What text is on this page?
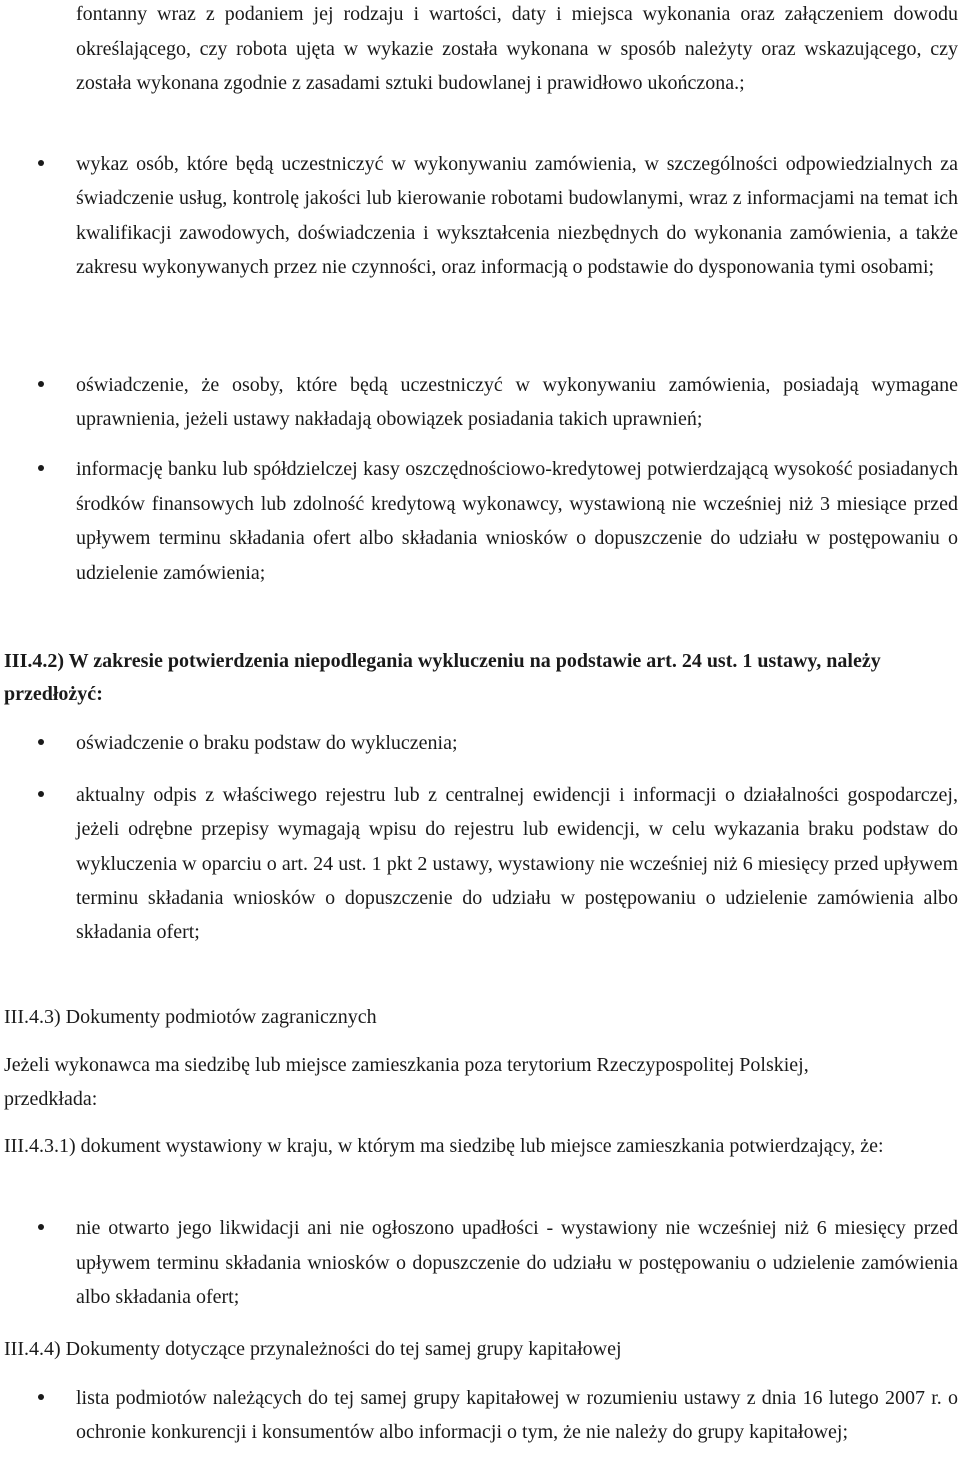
fontanny wraz z podaniem jej rodzaju i wartości, daty i miejsca wykonania oraz załączeniem dowodu określającego, czy robota ujęta w wykazie została wykonana w sposób należyty oraz wskazującego, czy została wykonana zgodnie z zasadami sztuki budowlanej i prawidłowo ukończona.;

wykaz osób, które będą uczestniczyć w wykonywaniu zamówienia, w szczególności odpowiedzialnych za świadczenie usług, kontrolę jakości lub kierowanie robotami budowlanymi, wraz z informacjami na temat ich kwalifikacji zawodowych, doświadczenia i wykształcenia niezbędnych do wykonania zamówienia, a także zakresu wykonywanych przez nie czynności, oraz informacją o podstawie do dysponowania tymi osobami;

oświadczenie, że osoby, które będą uczestniczyć w wykonywaniu zamówienia, posiadają wymagane uprawnienia, jeżeli ustawy nakładają obowiązek posiadania takich uprawnień;

informację banku lub spółdzielczej kasy oszczędnościowo-kredytowej potwierdzającą wysokość posiadanych środków finansowych lub zdolność kredytową wykonawcy, wystawioną nie wcześniej niż 3 miesiące przed upływem terminu składania ofert albo składania wniosków o dopuszczenie do udziału w postępowaniu o udzielenie zamówienia;

III.4.2) W zakresie potwierdzenia niepodlegania wykluczeniu na podstawie art. 24 ust. 1 ustawy, należy przedłożyć:

oświadczenie o braku podstaw do wykluczenia;

aktualny odpis z właściwego rejestru lub z centralnej ewidencji i informacji o działalności gospodarczej, jeżeli odrębne przepisy wymagają wpisu do rejestru lub ewidencji, w celu wykazania braku podstaw do wykluczenia w oparciu o art. 24 ust. 1 pkt 2 ustawy, wystawiony nie wcześniej niż 6 miesięcy przed upływem terminu składania wniosków o dopuszczenie do udziału w postępowaniu o udzielenie zamówienia albo składania ofert;

III.4.3) Dokumenty podmiotów zagranicznych

Jeżeli wykonawca ma siedzibę lub miejsce zamieszkania poza terytorium Rzeczypospolitej Polskiej, przedkłada:

III.4.3.1) dokument wystawiony w kraju, w którym ma siedzibę lub miejsce zamieszkania potwierdzający, że:

nie otwarto jego likwidacji ani nie ogłoszono upadłości - wystawiony nie wcześniej niż 6 miesięcy przed upływem terminu składania wniosków o dopuszczenie do udziału w postępowaniu o udzielenie zamówienia albo składania ofert;

III.4.4) Dokumenty dotyczące przynależności do tej samej grupy kapitałowej

lista podmiotów należących do tej samej grupy kapitałowej w rozumieniu ustawy z dnia 16 lutego 2007 r. o ochronie konkurencji i konsumentów albo informacji o tym, że nie należy do grupy kapitałowej;
